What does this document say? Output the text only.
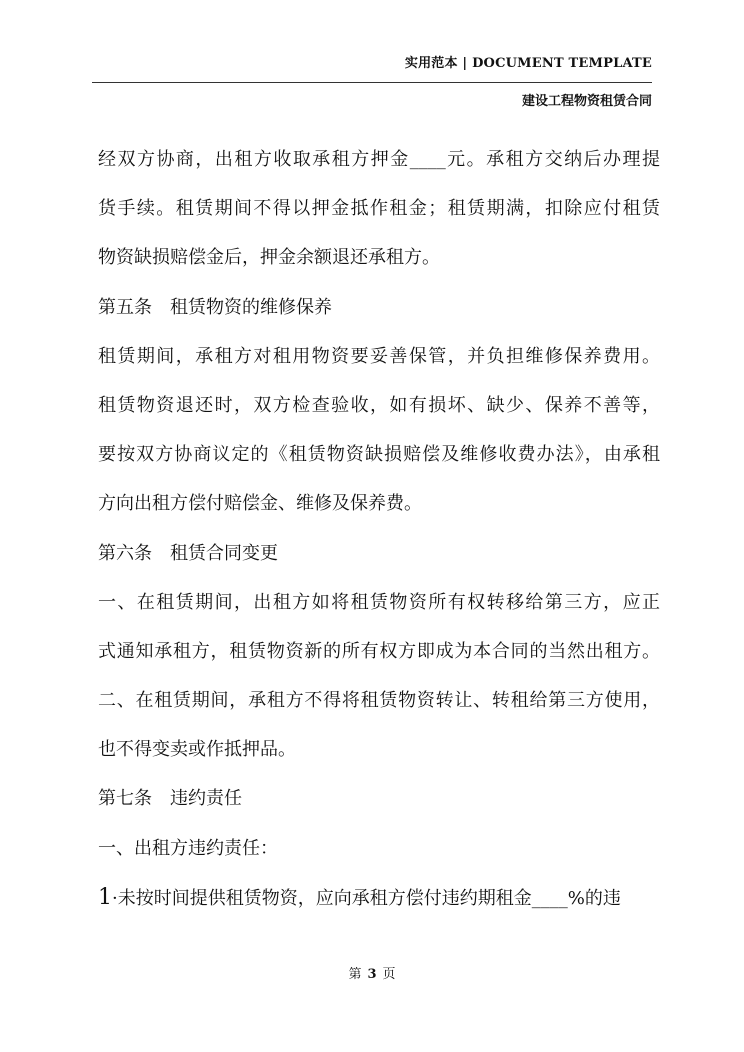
实用范本 | DOCUMENT TEMPLATE
建设工程物资租赁合同
经双方协商，出租方收取承租方押金____元。承租方交纳后办理提
货手续。租赁期间不得以押金抵作租金；租赁期满，扣除应付租赁
物资缺损赔偿金后，押金余额退还承租方。
第五条　租赁物资的维修保养
租赁期间，承租方对租用物资要妥善保管，并负担维修保养费用。
租赁物资退还时，双方检查验收，如有损坏、缺少、保养不善等，
要按双方协商议定的《租赁物资缺损赔偿及维修收费办法》，由承租
方向出租方偿付赔偿金、维修及保养费。
第六条　租赁合同变更
一、在租赁期间，出租方如将租赁物资所有权转移给第三方，应正
式通知承租方，租赁物资新的所有权方即成为本合同的当然出租方。
二、在租赁期间，承租方不得将租赁物资转让、转租给第三方使用，
也不得变卖或作抵押品。
第七条　违约责任
一、出租方违约责任：
1·未按时间提供租赁物资，应向承租方偿付违约期租金____%的违
第 3 页
